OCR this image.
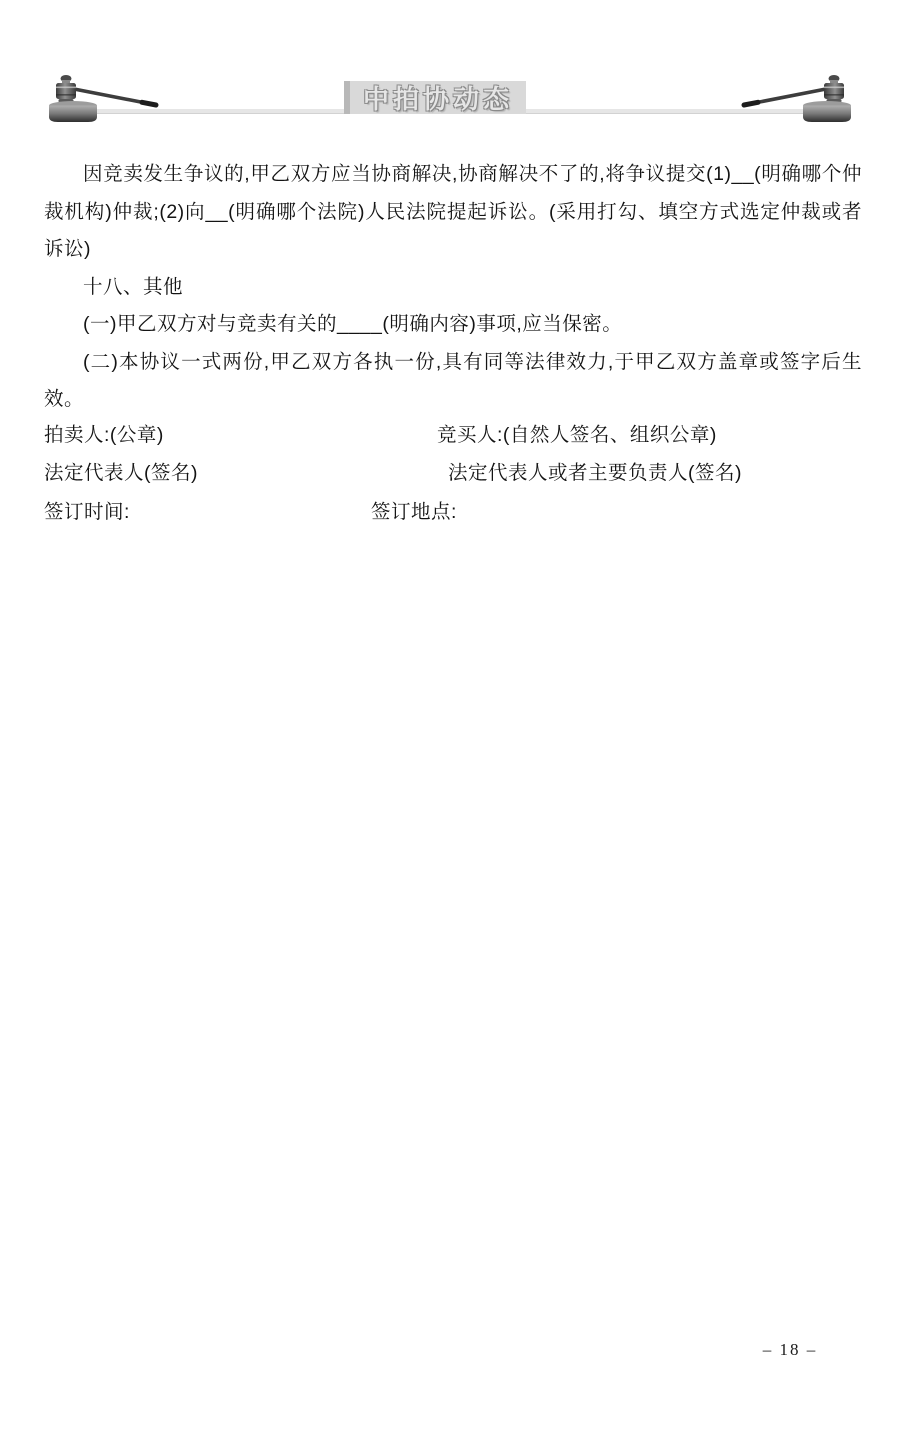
中拍协动态

因竞卖发生争议的,甲乙双方应当协商解决,协商解决不了的,将争议提交(1)__(明确哪个仲裁机构)仲裁;(2)向__(明确哪个法院)人民法院提起诉讼。(采用打勾、填空方式选定仲裁或者诉讼)

十八、其他

(一)甲乙双方对与竞卖有关的____(明确内容)事项,应当保密。

(二)本协议一式两份,甲乙双方各执一份,具有同等法律效力,于甲乙双方盖章或签字后生效。

拍卖人:(公章)	竞买人:(自然人签名、组织公章)
法定代表人(签名)	法定代表人或者主要负责人(签名)
签订时间:	签订地点:
– 18 –
